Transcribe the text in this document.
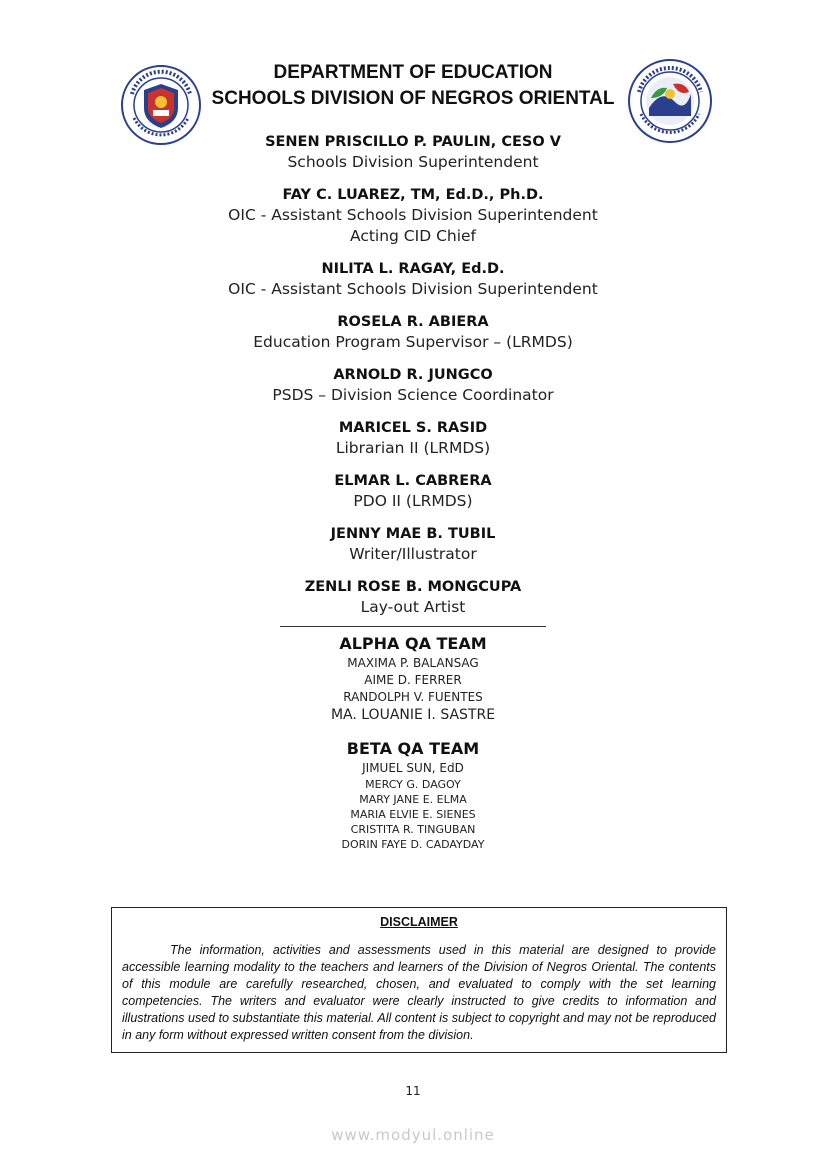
DEPARTMENT OF EDUCATION
SCHOOLS DIVISION OF NEGROS ORIENTAL
SENEN PRISCILLO P. PAULIN, CESO V
Schools Division Superintendent
FAY C. LUAREZ, TM, Ed.D., Ph.D.
OIC - Assistant Schools Division Superintendent
Acting CID Chief
NILITA L. RAGAY, Ed.D.
OIC - Assistant Schools Division Superintendent
ROSELA R. ABIERA
Education Program Supervisor – (LRMDS)
ARNOLD R. JUNGCO
PSDS – Division Science Coordinator
MARICEL S. RASID
Librarian II (LRMDS)
ELMAR L. CABRERA
PDO II (LRMDS)
JENNY MAE B. TUBIL
Writer/Illustrator
ZENLI ROSE B. MONGCUPA
Lay-out Artist
ALPHA QA TEAM
MAXIMA P. BALANSAG
AIME D. FERRER
RANDOLPH V. FUENTES
MA. LOUANIE I. SASTRE
BETA QA TEAM
JIMUEL SUN, EdD
MERCY G. DAGOY
MARY JANE E. ELMA
MARIA ELVIE E. SIENES
CRISTITA R. TINGUBAN
DORIN FAYE D. CADAYDAY
DISCLAIMER
The information, activities and assessments used in this material are designed to provide accessible learning modality to the teachers and learners of the Division of Negros Oriental. The contents of this module are carefully researched, chosen, and evaluated to comply with the set learning competencies. The writers and evaluator were clearly instructed to give credits to information and illustrations used to substantiate this material. All content is subject to copyright and may not be reproduced in any form without expressed written consent from the division.
11
www.modyul.online
